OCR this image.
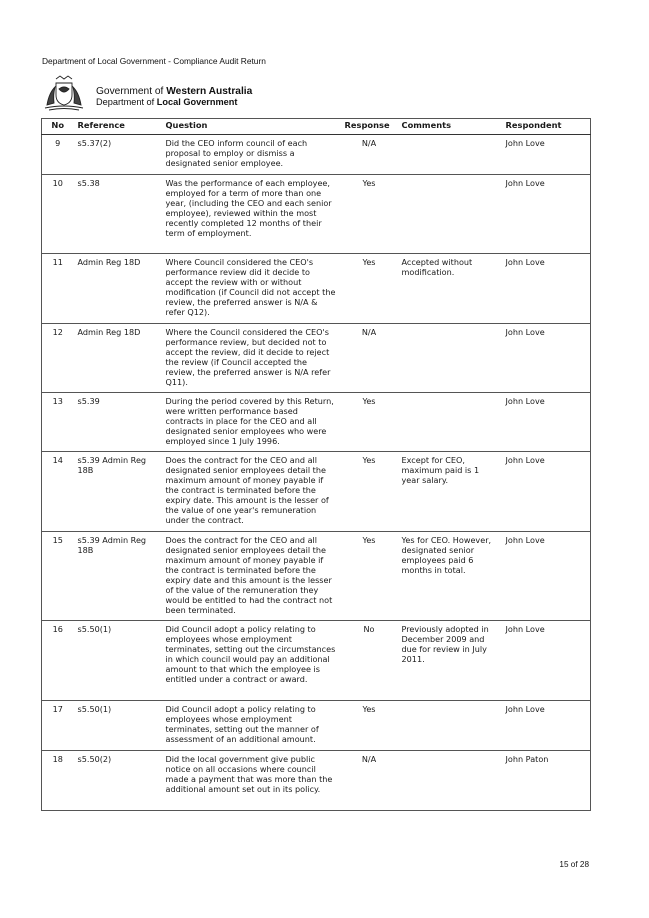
Department of Local Government - Compliance Audit Return
Government of Western Australia
Department of Local Government
No	Reference	Question	Response	Comments	Respondent
9	s5.37(2)	Did the CEO inform council of each proposal to employ or dismiss a designated senior employee.	N/A		John Love
10	s5.38	Was the performance of each employee, employed for a term of more than one year, (including the CEO and each senior employee), reviewed within the most recently completed 12 months of their term of employment.	Yes		John Love
11	Admin Reg 18D	Where Council considered the CEO's performance review did it decide to accept the review with or without modification (if Council did not accept the review, the preferred answer is N/A & refer Q12).	Yes	Accepted without modification.	John Love
12	Admin Reg 18D	Where the Council considered the CEO's performance review, but decided not to accept the review, did it decide to reject the review (if Council accepted the review, the preferred answer is N/A refer Q11).	N/A		John Love
13	s5.39	During the period covered by this Return, were written performance based contracts in place for the CEO and all designated senior employees who were employed since 1 July 1996.	Yes		John Love
14	s5.39 Admin Reg 18B	Does the contract for the CEO and all designated senior employees detail the maximum amount of money payable if the contract is terminated before the expiry date. This amount is the lesser of the value of one year's remuneration under the contract.	Yes	Except for CEO, maximum paid is 1 year salary.	John Love
15	s5.39 Admin Reg 18B	Does the contract for the CEO and all designated senior employees detail the maximum amount of money payable if the contract is terminated before the expiry date and this amount is the lesser of the value of the remuneration they would be entitled to had the contract not been terminated.	Yes	Yes for CEO. However, designated senior employees paid 6 months in total.	John Love
16	s5.50(1)	Did Council adopt a policy relating to employees whose employment terminates, setting out the circumstances in which council would pay an additional amount to that which the employee is entitled under a contract or award.	No	Previously adopted in December 2009 and due for review in July 2011.	John Love
17	s5.50(1)	Did Council adopt a policy relating to employees whose employment terminates, setting out the manner of assessment of an additional amount.	Yes		John Love
18	s5.50(2)	Did the local government give public notice on all occasions where council made a payment that was more than the additional amount set out in its policy.	N/A		John Paton
15 of 28
